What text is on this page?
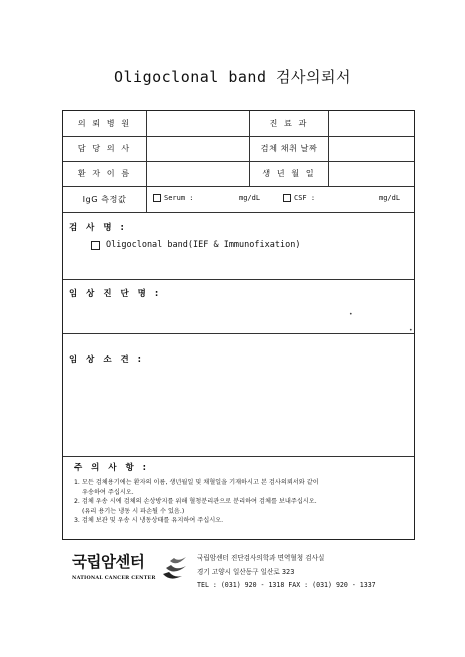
Oligoclonal band 검사의뢰서
의 뢰 병 원	진 료 과
담 당 의 사	검체 채취 날짜
환 자 이 름	생 년 월 일
IgG 측정값	Serum :	mg/dL	CSF :	mg/dL
검 사 명 :
Oligoclonal band(IEF & Immunofixation)
임 상 진 단 명 :
•
•
임 상 소 견 :
주 의 사 항 :
1. 모든 검체용기에는 환자의 이름, 생년월일 및 채혈일을 기재하시고 본 검사의뢰서와 같이
우송하여 주십시오.
2. 검체 우송 시에 검체의 손상방지를 위해 혈청분리관으로 분리하여 검체를 보내주십시오.
(유리 용기는 냉동 시 파손될 수 있음.)
3. 검체 보관 및 우송 시 냉동상태를 유지하여 주십시오.
국립암센터
NATIONAL CANCER CENTER
국립암센터 진단검사의학과 면역혈청 검사실
경기 고양시 일산동구 일산로 323
TEL : (031) 920 - 1318 FAX : (031) 920 - 1337
